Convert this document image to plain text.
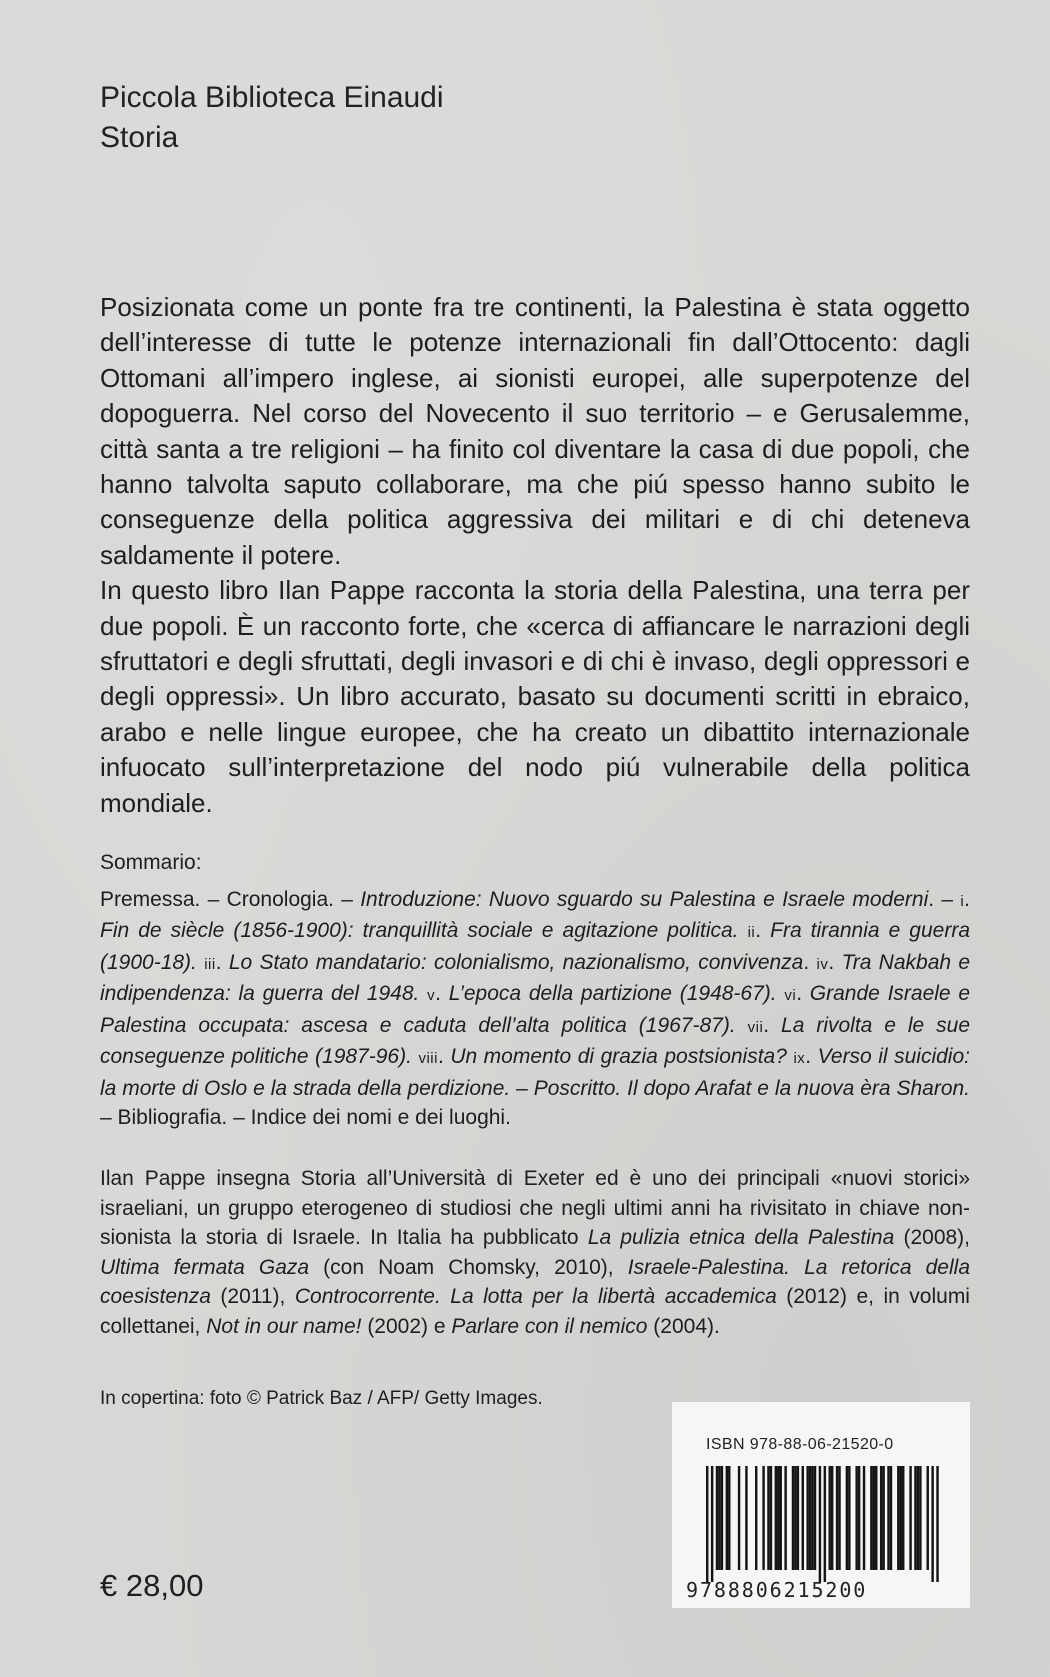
Piccola Biblioteca Einaudi
Storia

Posizionata come un ponte fra tre continenti, la Palestina è stata oggetto dell’interesse di tutte le potenze internazionali fin dall’Ottocento: dagli Ottomani all’impero inglese, ai sionisti europei, alle superpotenze del dopoguerra. Nel corso del Novecento il suo territorio – e Gerusalemme, città santa a tre religioni – ha finito col diventare la casa di due popoli, che hanno talvolta saputo collaborare, ma che piú spesso hanno subito le conseguenze della politica aggressiva dei militari e di chi deteneva saldamente il potere.

In questo libro Ilan Pappe racconta la storia della Palestina, una terra per due popoli. È un racconto forte, che «cerca di affiancare le narrazioni degli sfruttatori e degli sfruttati, degli invasori e di chi è invaso, degli oppressori e degli oppressi». Un libro accurato, basato su documenti scritti in ebraico, arabo e nelle lingue europee, che ha creato un dibattito internazionale infuocato sull’interpretazione del nodo piú vulnerabile della politica mondiale.

Sommario:

Premessa. – Cronologia. – Introduzione: Nuovo sguardo su Palestina e Israele moderni. – i. Fin de siècle (1856-1900): tranquillità sociale e agitazione politica. ii. Fra tirannia e guerra (1900-18). iii. Lo Stato mandatario: colonialismo, nazionalismo, convivenza. iv. Tra Nakbah e indipendenza: la guerra del 1948. v. L’epoca della partizione (1948-67). vi. Grande Israele e Palestina occupata: ascesa e caduta dell’alta politica (1967-87). vii. La rivolta e le sue conseguenze politiche (1987-96). viii. Un momento di grazia postsionista? ix. Verso il suicidio: la morte di Oslo e la strada della perdizione. – Poscritto. Il dopo Arafat e la nuova èra Sharon. – Bibliografia. – Indice dei nomi e dei luoghi.

Ilan Pappe insegna Storia all’Università di Exeter ed è uno dei principali «nuovi storici» israeliani, un gruppo eterogeneo di studiosi che negli ultimi anni ha rivisitato in chiave non-sionista la storia di Israele. In Italia ha pubblicato La pulizia etnica della Palestina (2008), Ultima fermata Gaza (con Noam Chomsky, 2010), Israele-Palestina. La retorica della coesistenza (2011), Controcorrente. La lotta per la libertà accademica (2012) e, in volumi collettanei, Not in our name! (2002) e Parlare con il nemico (2004).

In copertina: foto © Patrick Baz / AFP/ Getty Images.
€ 28,00
ISBN 978-88-06-21520-0
9788806215200
